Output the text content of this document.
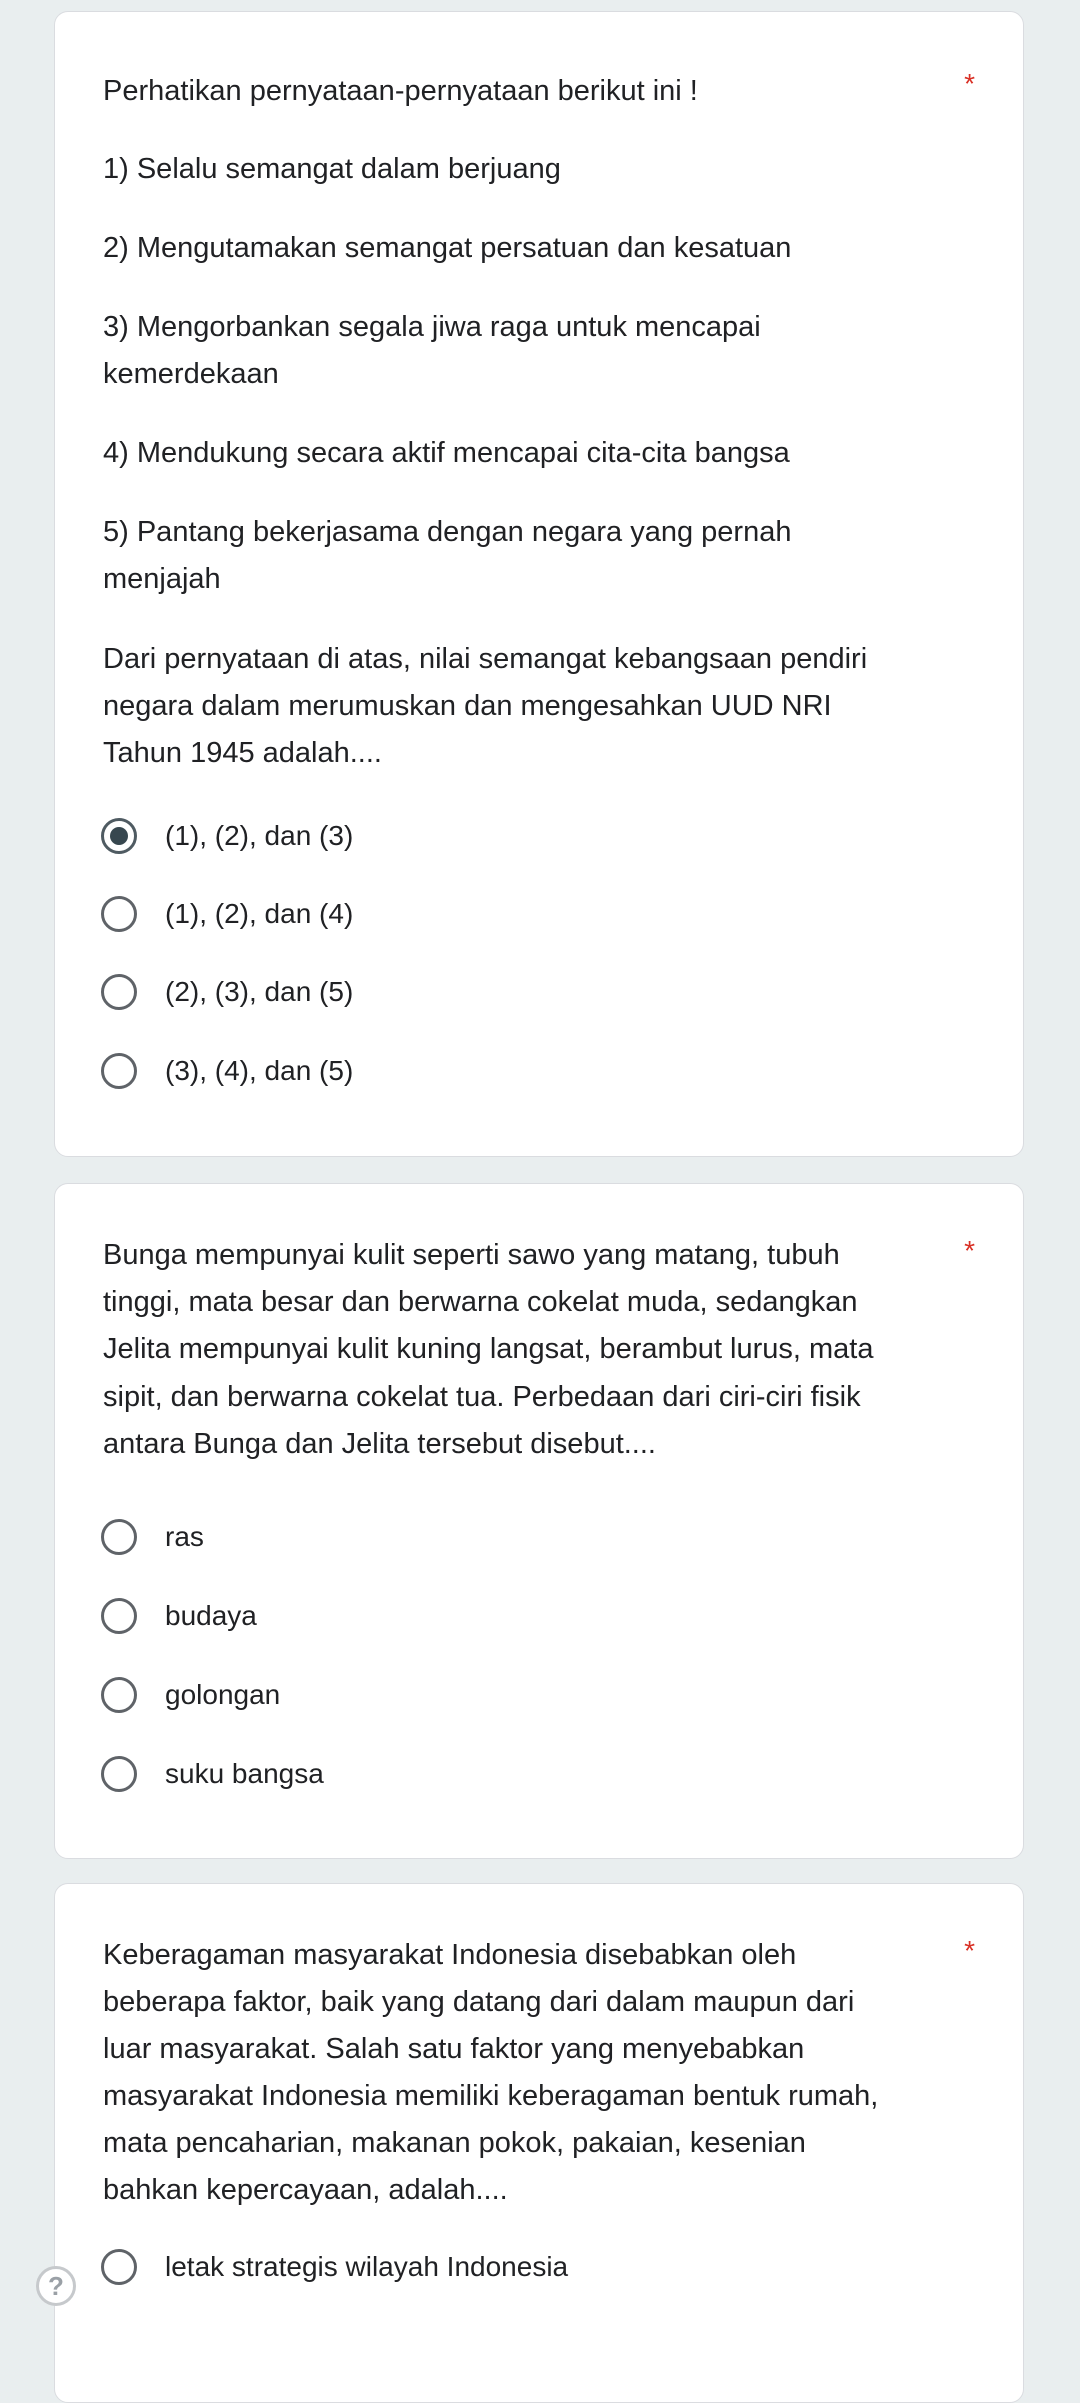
*

Perhatikan pernyataan-pernyataan berikut ini !

1) Selalu semangat dalam berjuang

2) Mengutamakan semangat persatuan dan kesatuan

3) Mengorbankan segala jiwa raga untuk mencapai

kemerdekaan

4) Mendukung secara aktif mencapai cita-cita bangsa

5) Pantang bekerjasama dengan negara yang pernah

menjajah

Dari pernyataan di atas, nilai semangat kebangsaan pendiri

negara dalam merumuskan dan mengesahkan UUD NRI

Tahun 1945 adalah....

(1), (2), dan (3)
(1), (2), dan (4)
(2), (3), dan (5)
(3), (4), dan (5)
*

Bunga mempunyai kulit seperti sawo yang matang, tubuh

tinggi, mata besar dan berwarna cokelat muda, sedangkan

Jelita mempunyai kulit kuning langsat, berambut lurus, mata

sipit, dan berwarna cokelat tua. Perbedaan dari ciri-ciri fisik

antara Bunga dan Jelita tersebut disebut....

ras
budaya
golongan
suku bangsa
*

Keberagaman masyarakat Indonesia disebabkan oleh

beberapa faktor, baik yang datang dari dalam maupun dari

luar masyarakat. Salah satu faktor yang menyebabkan

masyarakat Indonesia memiliki keberagaman bentuk rumah,

mata pencaharian, makanan pokok, pakaian, kesenian

bahkan kepercayaan, adalah....

letak strategis wilayah Indonesia
?
